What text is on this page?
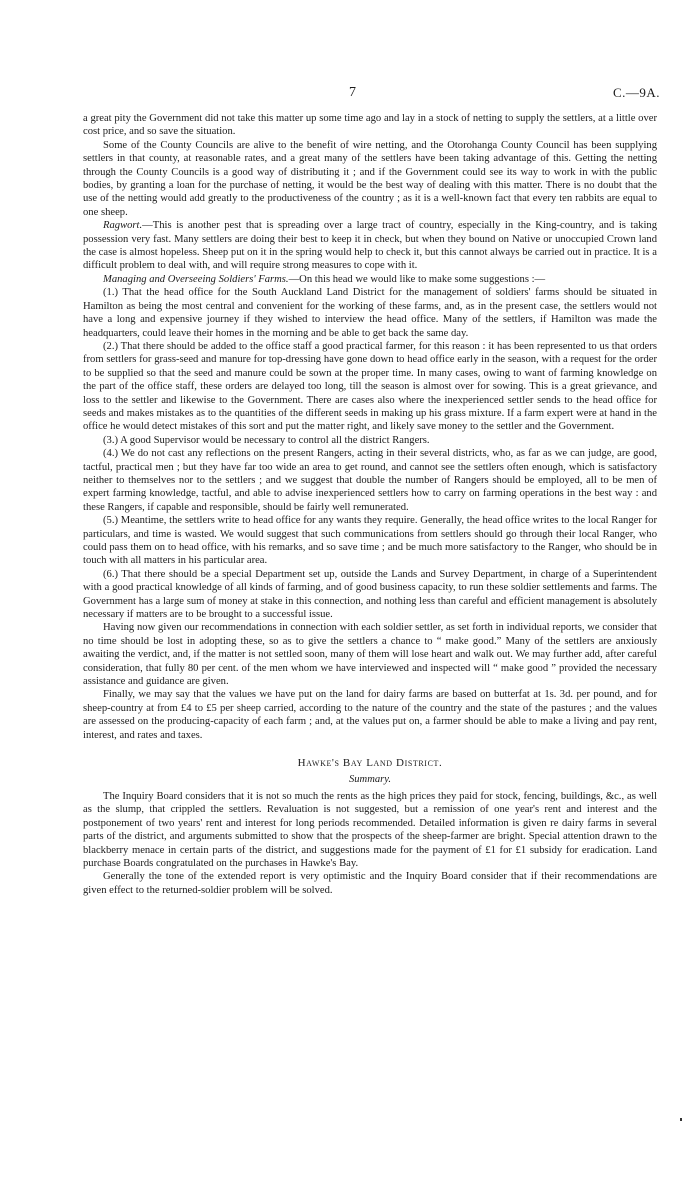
7	C.—9A.

a great pity the Government did not take this matter up some time ago and lay in a stock of netting to supply the settlers, at a little over cost price, and so save the situation.

Some of the County Councils are alive to the benefit of wire netting, and the Otorohanga County Council has been supplying settlers in that county, at reasonable rates, and a great many of the settlers have been taking advantage of this. Getting the netting through the County Councils is a good way of distributing it ; and if the Government could see its way to work in with the public bodies, by granting a loan for the purchase of netting, it would be the best way of dealing with this matter. There is no doubt that the use of the netting would add greatly to the productiveness of the country ; as it is a well-known fact that every ten rabbits are equal to one sheep.

Ragwort.—This is another pest that is spreading over a large tract of country, especially in the King-country, and is taking possession very fast. Many settlers are doing their best to keep it in check, but when they bound on Native or unoccupied Crown land the case is almost hopeless. Sheep put on it in the spring would help to check it, but this cannot always be carried out in practice. It is a difficult problem to deal with, and will require strong measures to cope with it.

Managing and Overseeing Soldiers' Farms.—On this head we would like to make some suggestions :—

(1.) That the head office for the South Auckland Land District for the management of soldiers' farms should be situated in Hamilton as being the most central and convenient for the working of these farms, and, as in the present case, the settlers would not have a long and expensive journey if they wished to interview the head office. Many of the settlers, if Hamilton was made the headquarters, could leave their homes in the morning and be able to get back the same day.

(2.) That there should be added to the office staff a good practical farmer, for this reason : it has been represented to us that orders from settlers for grass-seed and manure for top-dressing have gone down to head office early in the season, with a request for the order to be supplied so that the seed and manure could be sown at the proper time. In many cases, owing to want of farming knowledge on the part of the office staff, these orders are delayed too long, till the season is almost over for sowing. This is a great grievance, and loss to the settler and likewise to the Government. There are cases also where the inexperienced settler sends to the head office for seeds and makes mistakes as to the quantities of the different seeds in making up his grass mixture. If a farm expert were at hand in the office he would detect mistakes of this sort and put the matter right, and likely save money to the settler and the Government.

(3.) A good Supervisor would be necessary to control all the district Rangers.

(4.) We do not cast any reflections on the present Rangers, acting in their several districts, who, as far as we can judge, are good, tactful, practical men ; but they have far too wide an area to get round, and cannot see the settlers often enough, which is satisfactory neither to themselves nor to the settlers ; and we suggest that double the number of Rangers should be employed, all to be men of expert farming knowledge, tactful, and able to advise inexperienced settlers how to carry on farming operations in the best way : and these Rangers, if capable and responsible, should be fairly well remunerated.

(5.) Meantime, the settlers write to head office for any wants they require. Generally, the head office writes to the local Ranger for particulars, and time is wasted. We would suggest that such communications from settlers should go through their local Ranger, who could pass them on to head office, with his remarks, and so save time ; and be much more satisfactory to the Ranger, who should be in touch with all matters in his particular area.

(6.) That there should be a special Department set up, outside the Lands and Survey Department, in charge of a Superintendent with a good practical knowledge of all kinds of farming, and of good business capacity, to run these soldier settlements and farms. The Government has a large sum of money at stake in this connection, and nothing less than careful and efficient management is absolutely necessary if matters are to be brought to a successful issue.

Having now given our recommendations in connection with each soldier settler, as set forth in individual reports, we consider that no time should be lost in adopting these, so as to give the settlers a chance to “ make good.” Many of the settlers are anxiously awaiting the verdict, and, if the matter is not settled soon, many of them will lose heart and walk out. We may further add, after careful consideration, that fully 80 per cent. of the men whom we have interviewed and inspected will “ make good ” provided the necessary assistance and guidance are given.

Finally, we may say that the values we have put on the land for dairy farms are based on butterfat at 1s. 3d. per pound, and for sheep-country at from £4 to £5 per sheep carried, according to the nature of the country and the state of the pastures ; and the values are assessed on the producing-capacity of each farm ; and, at the values put on, a farmer should be able to make a living and pay rent, interest, and rates and taxes.

Hawke's Bay Land District.
Summary.

The Inquiry Board considers that it is not so much the rents as the high prices they paid for stock, fencing, buildings, &c., as well as the slump, that crippled the settlers. Revaluation is not suggested, but a remission of one year's rent and interest and the postponement of two years' rent and interest for long periods recommended. Detailed information is given re dairy farms in several parts of the district, and arguments submitted to show that the prospects of the sheep-farmer are bright. Special attention drawn to the blackberry menace in certain parts of the district, and suggestions made for the payment of £1 for £1 subsidy for eradication. Land purchase Boards congratulated on the purchases in Hawke's Bay.

Generally the tone of the extended report is very optimistic and the Inquiry Board consider that if their recommendations are given effect to the returned-soldier problem will be solved.
